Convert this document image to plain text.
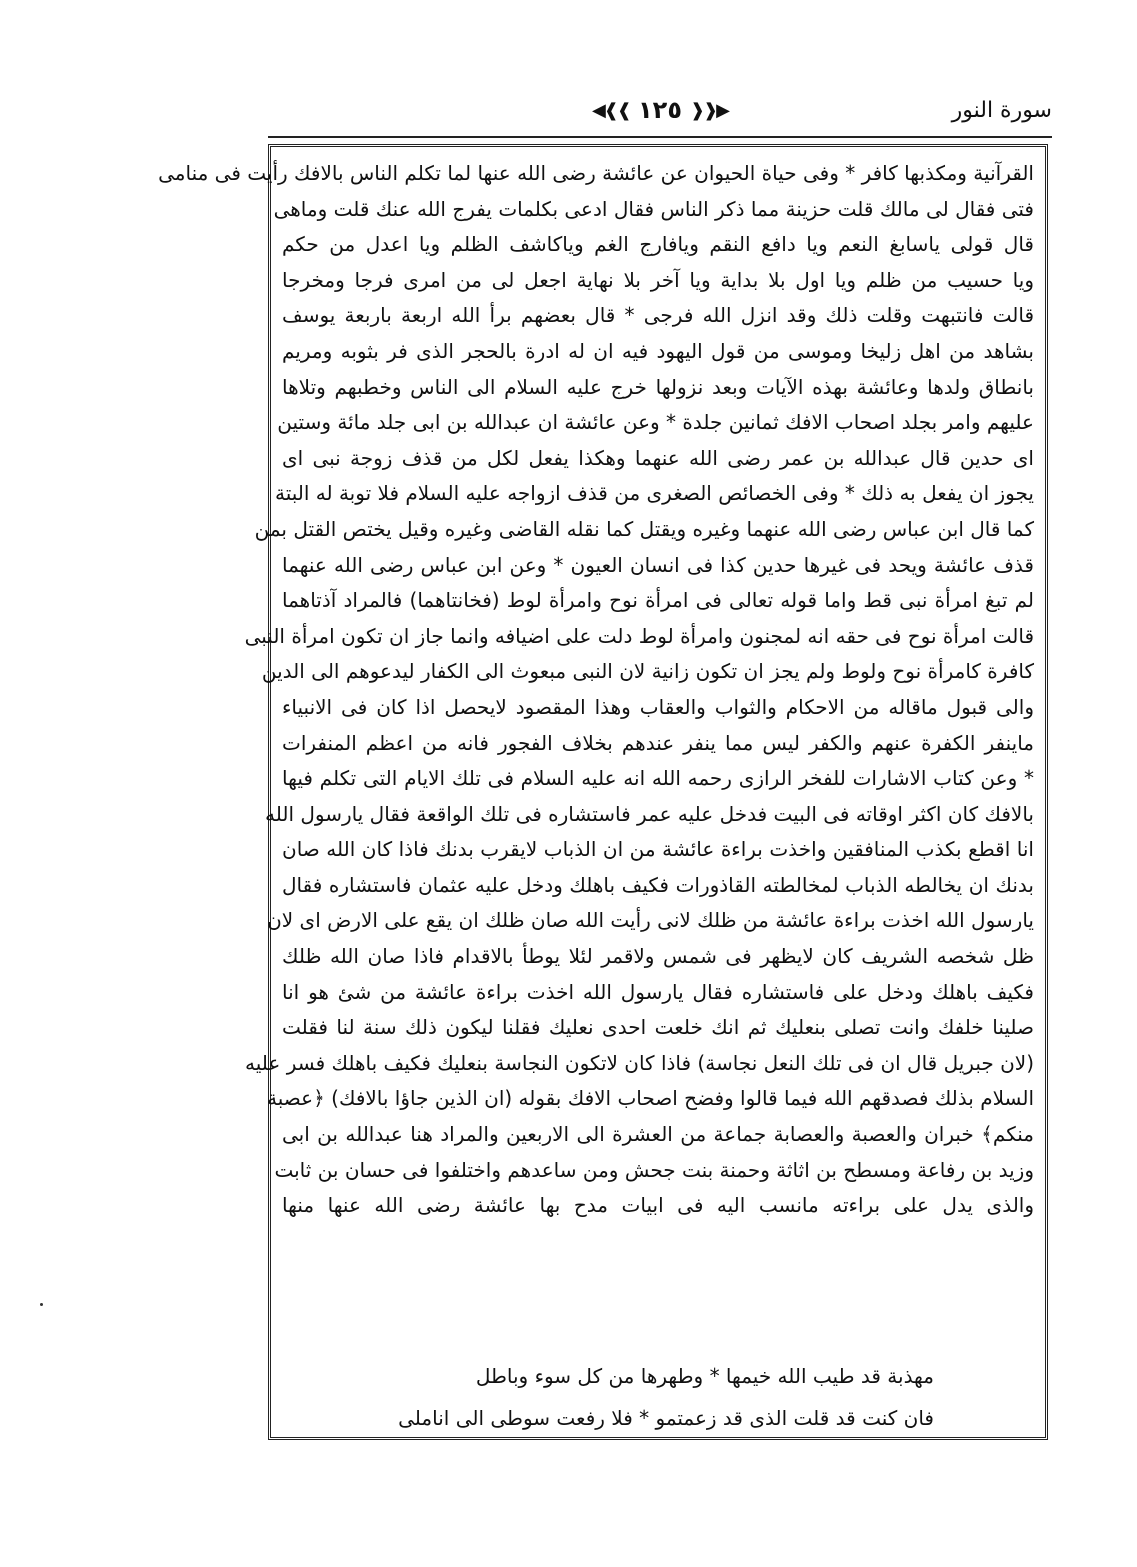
◀❰❰ ١٢٥ ❱❱▶	سورة النور
القرآنية ومكذبها كافر * وفى حياة الحيوان عن عائشة رضى الله عنها لما تكلم الناس بالافك رأيت فى منامى
فتى فقال لى مالك قلت حزينة مما ذكر الناس فقال ادعى بكلمات يفرج الله عنك قلت وماهى
قال قولى ياسابغ النعم ويا دافع النقم ويافارج الغم وياكاشف الظلم ويا اعدل من حكم
ويا حسيب من ظلم ويا اول بلا بداية ويا آخر بلا نهاية اجعل لى من امرى فرجا ومخرجا
قالت فانتبهت وقلت ذلك وقد انزل الله فرجى * قال بعضهم برأ الله اربعة باربعة يوسف
بشاهد من اهل زليخا وموسى من قول اليهود فيه ان له ادرة بالحجر الذى فر بثوبه ومريم
بانطاق ولدها وعائشة بهذه الآيات وبعد نزولها خرج عليه السلام الى الناس وخطبهم وتلاها
عليهم وامر بجلد اصحاب الافك ثمانين جلدة * وعن عائشة ان عبدالله بن ابى جلد مائة وستين
اى حدين قال عبدالله بن عمر رضى الله عنهما وهكذا يفعل لكل من قذف زوجة نبى اى
يجوز ان يفعل به ذلك * وفى الخصائص الصغرى من قذف ازواجه عليه السلام فلا توبة له البتة
كما قال ابن عباس رضى الله عنهما وغيره ويقتل كما نقله القاضى وغيره وقيل يختص القتل بمن
قذف عائشة ويحد فى غيرها حدين كذا فى انسان العيون * وعن ابن عباس رضى الله عنهما
لم تبغ امرأة نبى قط واما قوله تعالى فى امرأة نوح وامرأة لوط (فخانتاهما) فالمراد آذتاهما
قالت امرأة نوح فى حقه انه لمجنون وامرأة لوط دلت على اضيافه وانما جاز ان تكون امرأة النبى
كافرة كامرأة نوح ولوط ولم يجز ان تكون زانية لان النبى مبعوث الى الكفار ليدعوهم الى الدين
والى قبول ماقاله من الاحكام والثواب والعقاب وهذا المقصود لايحصل اذا كان فى الانبياء
ماينفر الكفرة عنهم والكفر ليس مما ينفر عندهم بخلاف الفجور فانه من اعظم المنفرات
* وعن كتاب الاشارات للفخر الرازى رحمه الله انه عليه السلام فى تلك الايام التى تكلم فيها
بالافك كان اكثر اوقاته فى البيت فدخل عليه عمر فاستشاره فى تلك الواقعة فقال يارسول الله
انا اقطع بكذب المنافقين واخذت براءة عائشة من ان الذباب لايقرب بدنك فاذا كان الله صان
بدنك ان يخالطه الذباب لمخالطته القاذورات فكيف باهلك ودخل عليه عثمان فاستشاره فقال
يارسول الله اخذت براءة عائشة من ظلك لانى رأيت الله صان ظلك ان يقع على الارض اى لان
ظل شخصه الشريف كان لايظهر فى شمس ولاقمر لئلا يوطأ بالاقدام فاذا صان الله ظلك
فكيف باهلك ودخل على فاستشاره فقال يارسول الله اخذت براءة عائشة من شئ هو انا
صلينا خلفك وانت تصلى بنعليك ثم انك خلعت احدى نعليك فقلنا ليكون ذلك سنة لنا فقلت
(لان جبريل قال ان فى تلك النعل نجاسة) فاذا كان لاتكون النجاسة بنعليك فكيف باهلك فسر عليه
السلام بذلك فصدقهم الله فيما قالوا وفضح اصحاب الافك بقوله (ان الذين جاؤا بالافك) ﴿عصبة
منكم﴾ خبران والعصبة والعصابة جماعة من العشرة الى الاربعين والمراد هنا عبدالله بن ابى
وزيد بن رفاعة ومسطح بن اثاثة وحمنة بنت جحش ومن ساعدهم واختلفوا فى حسان بن ثابت
والذى يدل على براءته مانسب اليه فى ابيات مدح بها عائشة رضى الله عنها منها
مهذبة قد طيب الله خيمها * وطهرها من كل سوء وباطل
فان كنت قد قلت الذى قد زعمتمو * فلا رفعت سوطى الى اناملى
